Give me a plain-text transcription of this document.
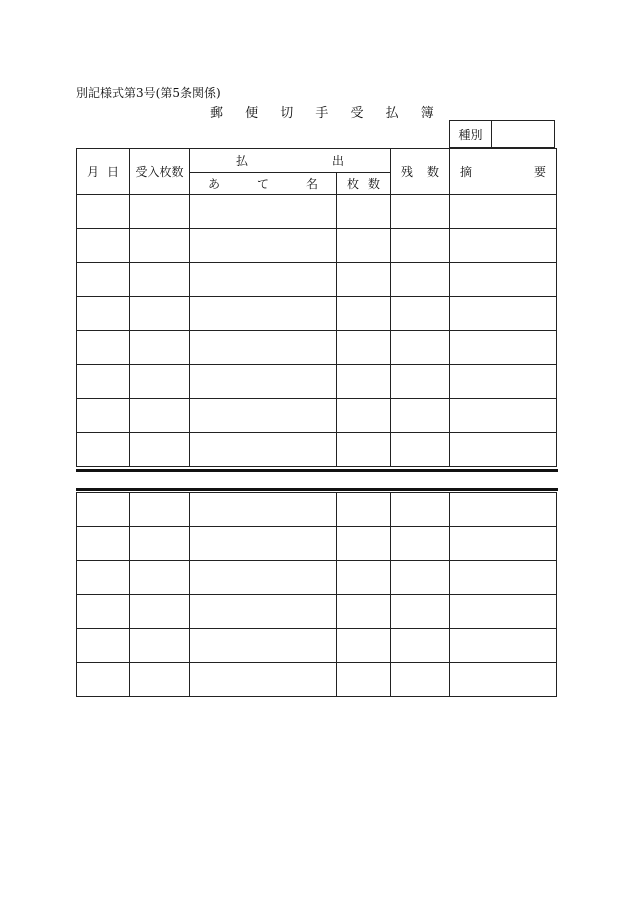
別記様式第3号(第5条関係)
郵 便 切 手 受 払 簿
種別
月 日	受入枚数	払 出		残 数	摘 要

		あ て 名	枚 数		
